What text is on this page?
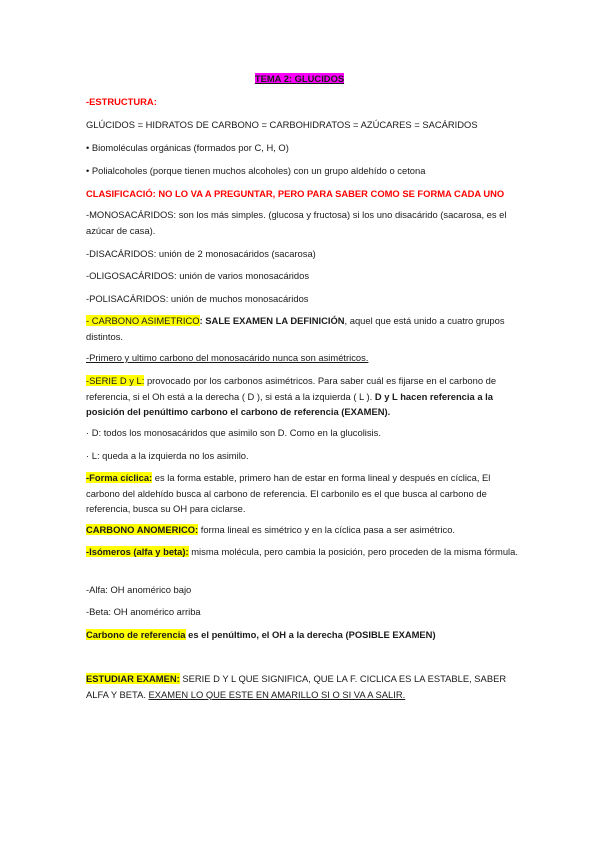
TEMA 2: GLUCIDOS
-ESTRUCTURA:
GLÚCIDOS = HIDRATOS DE CARBONO = CARBOHIDRATOS = AZÚCARES = SACÁRIDOS
• Biomoléculas orgánicas (formados por C, H, O)
• Polialcoholes (porque tienen muchos alcoholes) con un grupo aldehído o cetona
CLASIFICACIÓ: NO LO VA A PREGUNTAR, PERO PARA SABER COMO SE FORMA CADA UNO
-MONOSACÁRIDOS: son los más simples. (glucosa y fructosa) si los uno disacárido (sacarosa, es el azúcar de casa).
-DISACÁRIDOS: unión de 2 monosacáridos (sacarosa)
-OLIGOSACÁRIDOS: unión de varios monosacáridos
-POLISACÁRIDOS: unión de muchos monosacáridos
- CARBONO ASIMETRICO: SALE EXAMEN LA DEFINICIÓN, aquel que está unido a cuatro grupos distintos.
-Primero y ultimo carbono del monosacárido nunca son asimétricos.
-SERIE D y L: provocado por los carbonos asimétricos. Para saber cuál es fijarse en el carbono de referencia, si el Oh está a la derecha ( D ), si está a la izquierda ( L ). D y L hacen referencia a la posición del penúltimo carbono el carbono de referencia (EXAMEN).
· D: todos los monosacáridos que asimilo son D. Como en la glucolisis.
· L: queda a la izquierda no los asimilo.
-Forma cíclica: es la forma estable, primero han de estar en forma lineal y después en cíclica, El carbono del aldehído busca al carbono de referencia. El carbonilo es el que busca al carbono de referencia, busca su OH para ciclarse.
CARBONO ANOMERICO: forma lineal es simétrico y en la cíclica pasa a ser asimétrico.
-Isómeros (alfa y beta): misma molécula, pero cambia la posición, pero proceden de la misma fórmula.
-Alfa: OH anomérico bajo
-Beta: OH anomérico arriba
Carbono de referencia es el penúltimo, el OH a la derecha (POSIBLE EXAMEN)
ESTUDIAR EXAMEN: SERIE D Y L QUE SIGNIFICA, QUE LA F. CICLICA ES LA ESTABLE, SABER ALFA Y BETA. EXAMEN LO QUE ESTE EN AMARILLO SI O SI VA A SALIR.
